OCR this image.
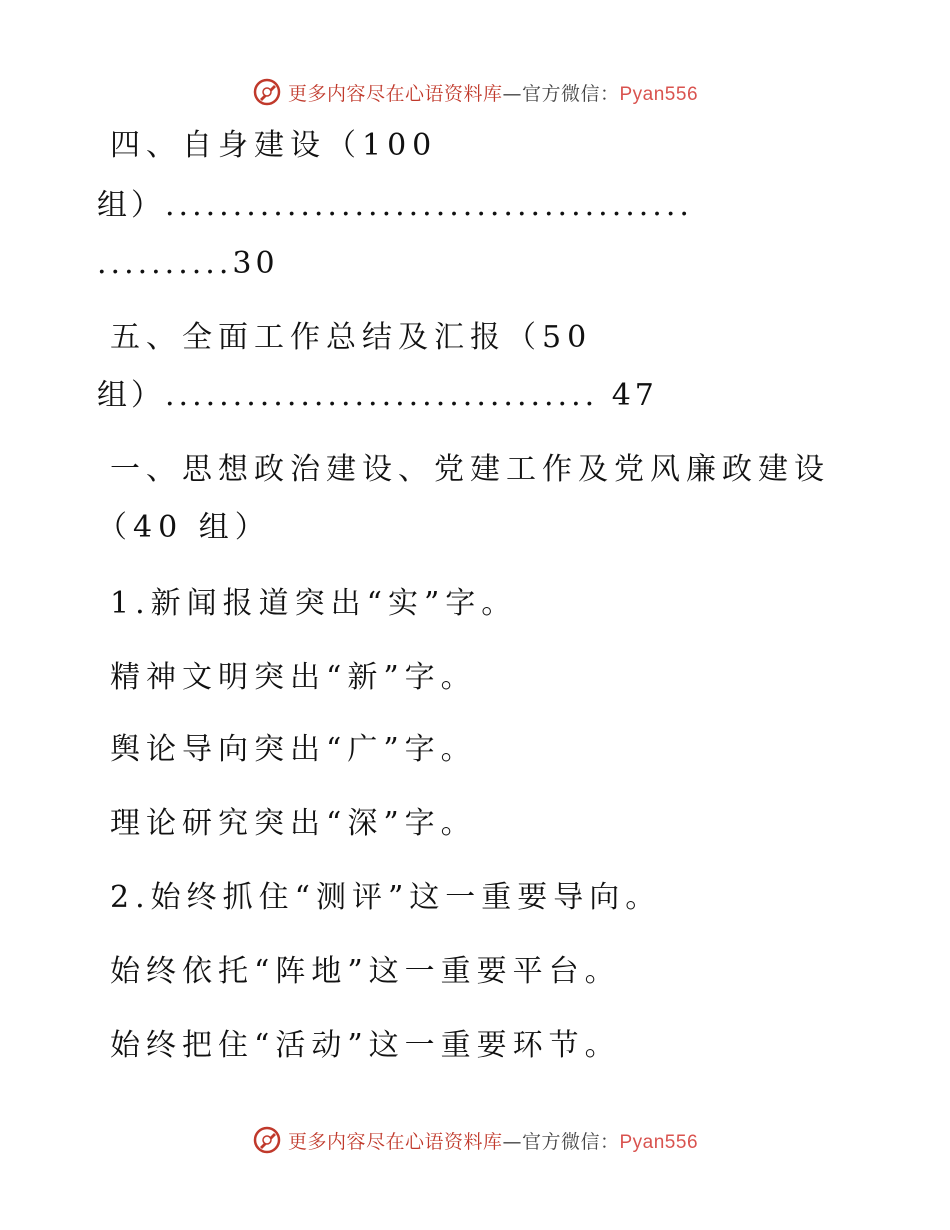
更多内容尽在心语资料库—官方微信：Pyan556
四、自身建设（100
组）.......................................
..........30
五、全面工作总结及汇报（50
组）................................ 47
一、思想政治建设、党建工作及党风廉政建设
（40 组）
1.新闻报道突出“实”字。
精神文明突出“新”字。
舆论导向突出“广”字。
理论研究突出“深”字。
2.始终抓住“测评”这一重要导向。
始终依托“阵地”这一重要平台。
始终把住“活动”这一重要环节。
更多内容尽在心语资料库—官方微信：Pyan556
